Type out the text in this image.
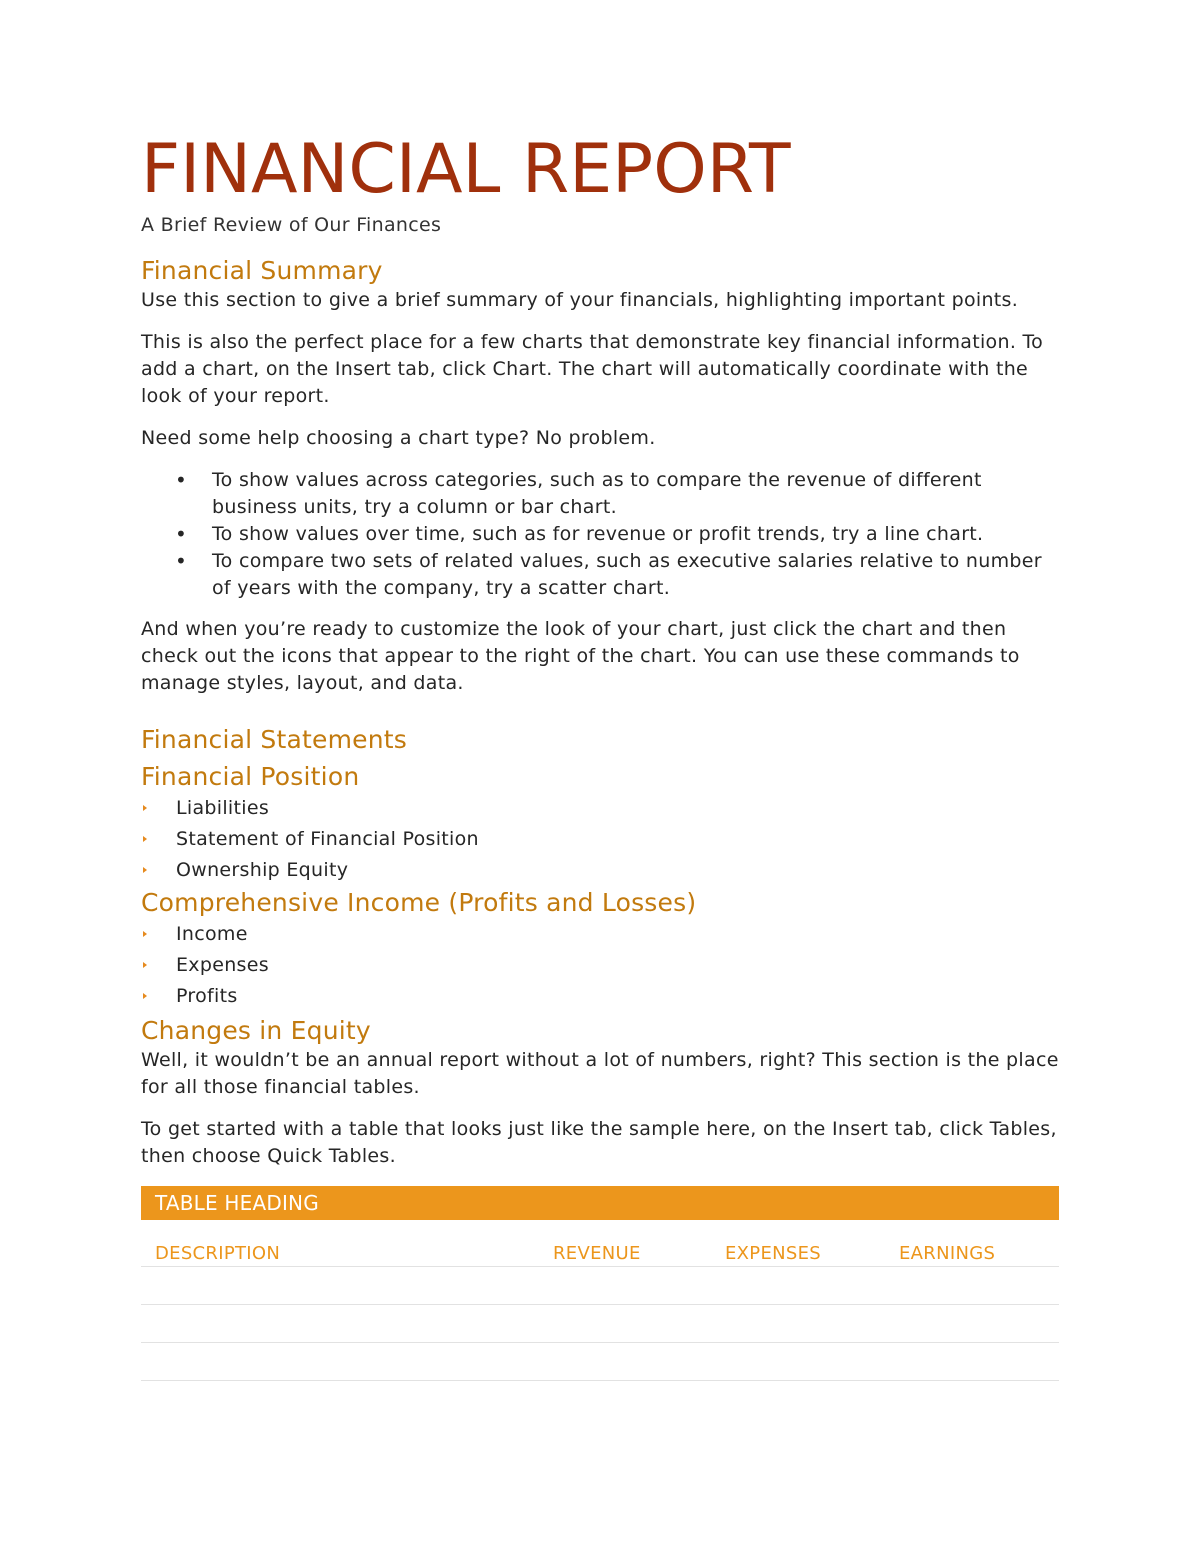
FINANCIAL REPORT
A Brief Review of Our Finances
Financial Summary

Use this section to give a brief summary of your financials, highlighting important points.

This is also the perfect place for a few charts that demonstrate key financial information. To add a chart, on the Insert tab, click Chart. The chart will automatically coordinate with the look of your report.

Need some help choosing a chart type? No problem.

• To show values across categories, such as to compare the revenue of different business units, try a column or bar chart.
• To show values over time, such as for revenue or profit trends, try a line chart.
• To compare two sets of related values, such as executive salaries relative to number of years with the company, try a scatter chart.

And when you’re ready to customize the look of your chart, just click the chart and then check out the icons that appear to the right of the chart. You can use these commands to manage styles, layout, and data.

Financial Statements
Financial Position
Liabilities
Statement of Financial Position
Ownership Equity
Comprehensive Income (Profits and Losses)
Income
Expenses
Profits
Changes in Equity

Well, it wouldn’t be an annual report without a lot of numbers, right? This section is the place for all those financial tables.

To get started with a table that looks just like the sample here, on the Insert tab, click Tables, then choose Quick Tables.

TABLE HEADING
DESCRIPTION	REVENUE	EXPENSES	EARNINGS
